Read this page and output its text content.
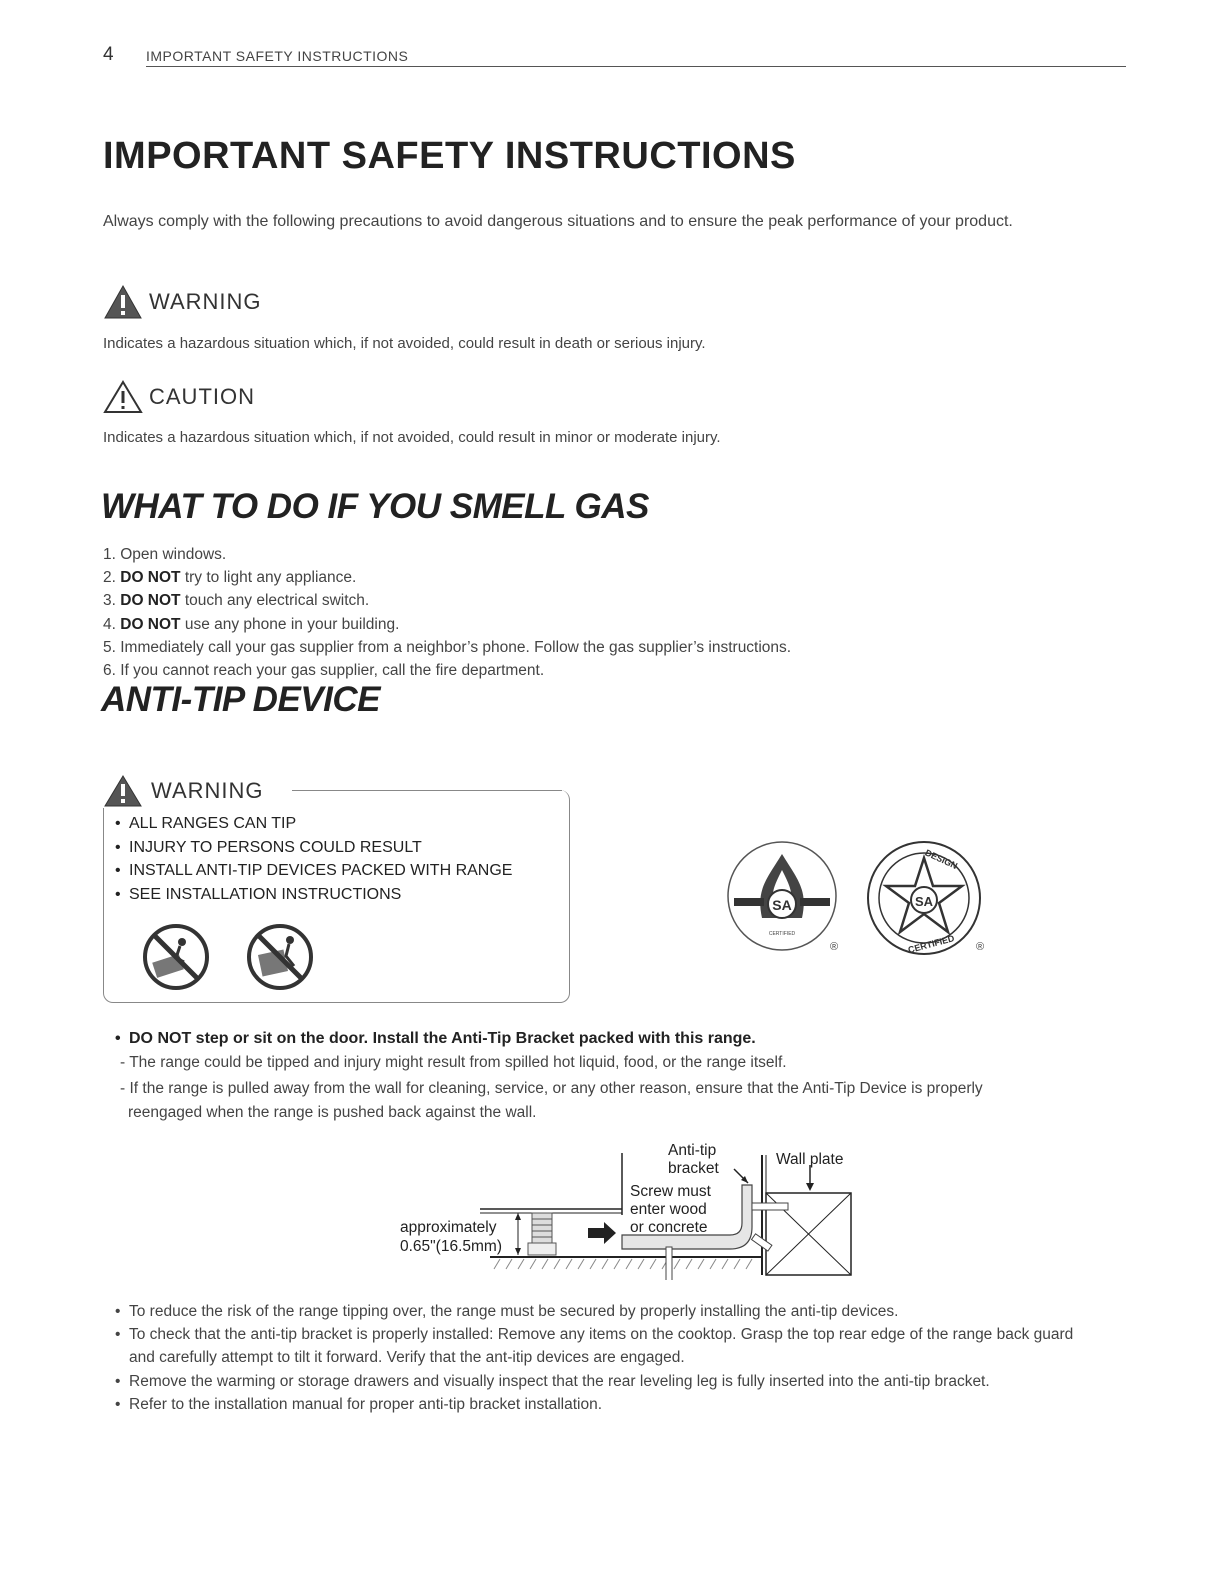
4 IMPORTANT SAFETY INSTRUCTIONS
IMPORTANT SAFETY INSTRUCTIONS
Always comply with the following precautions to avoid dangerous situations and to ensure the peak performance of your product.
WARNING
Indicates a hazardous situation which, if not avoided, could result in death or serious injury.
CAUTION
Indicates a hazardous situation which, if not avoided, could result in minor or moderate injury.
WHAT TO DO IF YOU SMELL GAS
1. Open windows.
2. DO NOT try to light any appliance.
3. DO NOT touch any electrical switch.
4. DO NOT use any phone in your building.
5. Immediately call your gas supplier from a neighbor’s phone. Follow the gas supplier’s instructions.
6. If you cannot reach your gas supplier, call the fire department.
ANTI-TIP DEVICE
WARNING
• ALL RANGES CAN TIP
• INJURY TO PERSONS COULD RESULT
• INSTALL ANTI-TIP DEVICES PACKED WITH RANGE
• SEE INSTALLATION INSTRUCTIONS
SA
CERTIFIED
®
SA
DESIGN
CERTIFIED ®
• DO NOT step or sit on the door. Install the Anti-Tip Bracket packed with this range.
- The range could be tipped and injury might result from spilled hot liquid, food, or the range itself.
- If the range is pulled away from the wall for cleaning, service, or any other reason, ensure that the Anti-Tip Device is properly
reengaged when the range is pushed back against the wall.
Anti-tip
bracket
Wall plate
Screw must
enter wood
or concrete
approximately
0.65"(16.5mm)
• To reduce the risk of the range tipping over, the range must be secured by properly installing the anti-tip devices.
• To check that the anti-tip bracket is properly installed: Remove any items on the cooktop. Grasp the top rear edge of the range back guard and carefully attempt to tilt it forward. Verify that the ant-itip devices are engaged.
• Remove the warming or storage drawers and visually inspect that the rear leveling leg is fully inserted into the anti-tip bracket.
• Refer to the installation manual for proper anti-tip bracket installation.
